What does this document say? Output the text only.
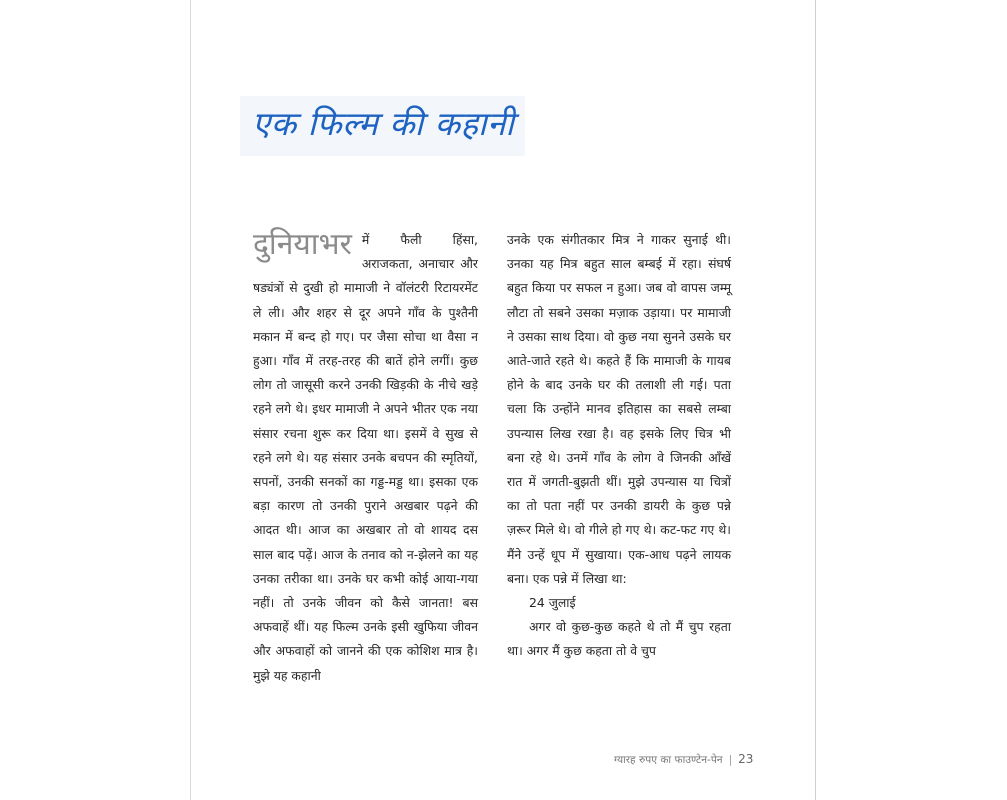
एक फिल्म की कहानी
दुनियाभर में फैली हिंसा, अराजकता, अनाचार और षड्यंत्रों से दुखी हो मामाजी ने वॉलंटरी रिटायरमेंट ले ली। और शहर से दूर अपने गाँव के पुश्तैनी मकान में बन्द हो गए। पर जैसा सोचा था वैसा न हुआ। गाँव में तरह-तरह की बातें होने लगीं। कुछ लोग तो जासूसी करने उनकी खिड़की के नीचे खड़े रहने लगे थे। इधर मामाजी ने अपने भीतर एक नया संसार रचना शुरू कर दिया था। इसमें वे सुख से रहने लगे थे। यह संसार उनके बचपन की स्मृतियों, सपनों, उनकी सनकों का गड्ड-मड्ड था। इसका एक बड़ा कारण तो उनकी पुराने अखबार पढ़ने की आदत थी। आज का अखबार तो वो शायद दस साल बाद पढ़ें। आज के तनाव को न-झेलने का यह उनका तरीका था। उनके घर कभी कोई आया-गया नहीं। तो उनके जीवन को कैसे जानता! बस अफवाहें थीं। यह फिल्म उनके इसी खुफिया जीवन और अफवाहों को जानने की एक कोशिश मात्र है। मुझे यह कहानी

उनके एक संगीतकार मित्र ने गाकर सुनाई थी। उनका यह मित्र बहुत साल बम्बई में रहा। संघर्ष बहुत किया पर सफल न हुआ। जब वो वापस जम्मू लौटा तो सबने उसका मज़ाक उड़ाया। पर मामाजी ने उसका साथ दिया। वो कुछ नया सुनने उसके घर आते-जाते रहते थे। कहते हैं कि मामाजी के गायब होने के बाद उनके घर की तलाशी ली गई। पता चला कि उन्होंने मानव इतिहास का सबसे लम्बा उपन्यास लिख रखा है। वह इसके लिए चित्र भी बना रहे थे। उनमें गाँव के लोग वे जिनकी आँखें रात में जगती-बुझती थीं। मुझे उपन्यास या चित्रों का तो पता नहीं पर उनकी डायरी के कुछ पन्ने ज़रूर मिले थे। वो गीले हो गए थे। कट-फट गए थे। मैंने उन्हें धूप में सुखाया। एक-आध पढ़ने लायक बना। एक पन्ने में लिखा था:

24 जुलाई

अगर वो कुछ-कुछ कहते थे तो मैं चुप रहता था। अगर मैं कुछ कहता तो वे चुप

ग्यारह रुपए का फाउण्टेन-पेन | 23
